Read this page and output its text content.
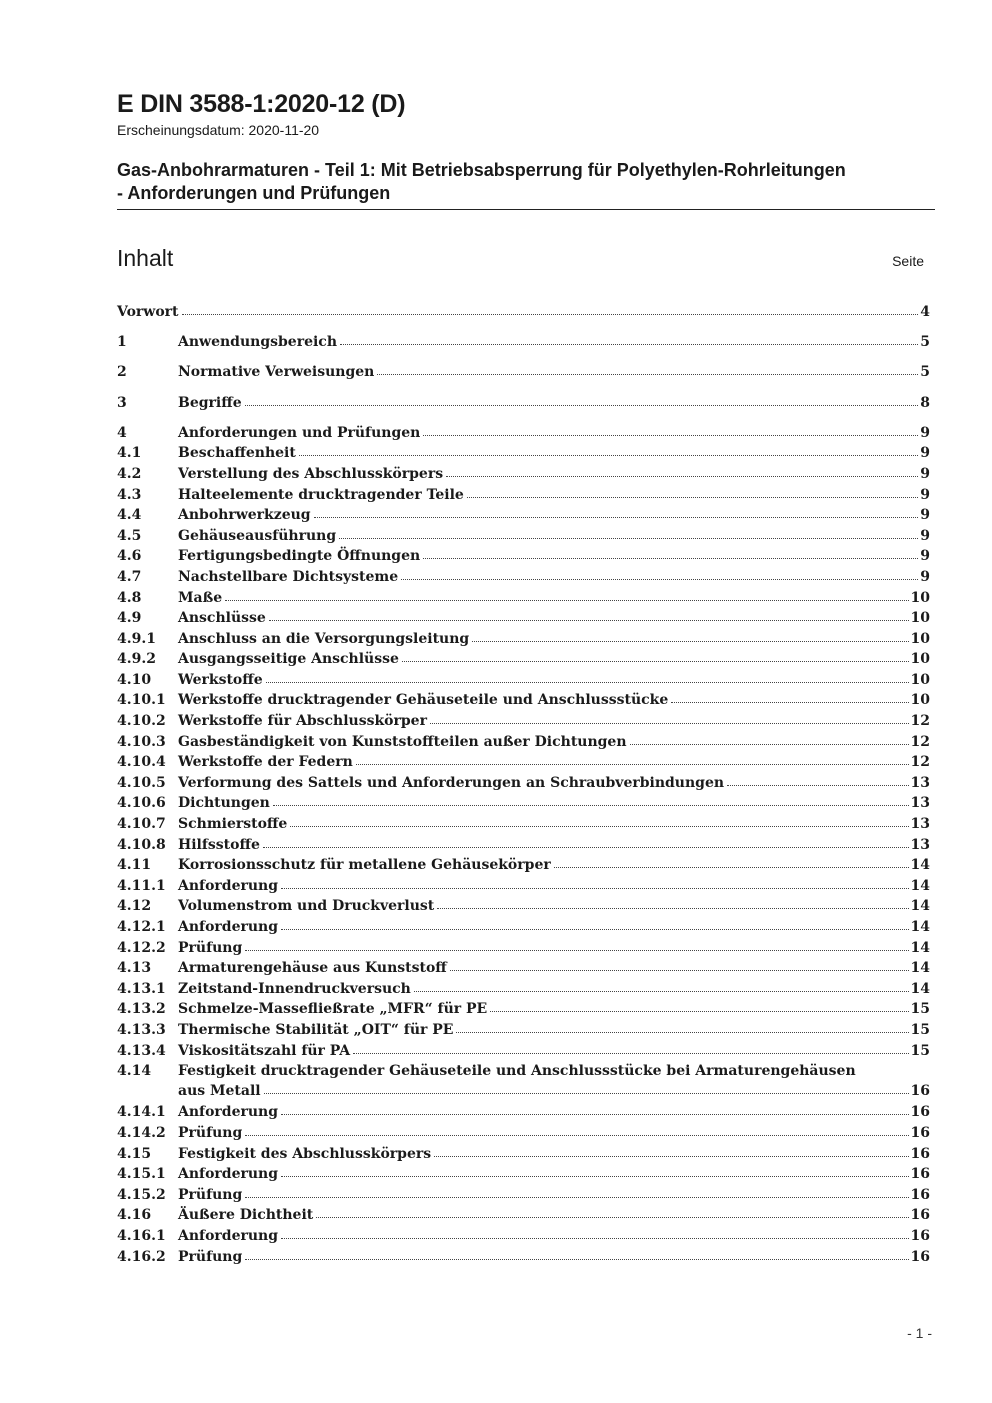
E DIN 3588-1:2020-12 (D)
Erscheinungsdatum: 2020-11-20
Gas-Anbohrarmaturen - Teil 1: Mit Betriebsabsperrung für Polyethylen-Rohrleitungen
- Anforderungen und Prüfungen
Inhalt	Seite
Vorwort	4
1	Anwendungsbereich	5
2	Normative Verweisungen	5
3	Begriffe	8
4	Anforderungen und Prüfungen	9
4.1	Beschaffenheit	9
4.2	Verstellung des Abschlusskörpers	9
4.3	Halteelemente drucktragender Teile	9
4.4	Anbohrwerkzeug	9
4.5	Gehäuseausführung	9
4.6	Fertigungsbedingte Öffnungen	9
4.7	Nachstellbare Dichtsysteme	9
4.8	Maße	10
4.9	Anschlüsse	10
4.9.1 Anschluss an die Versorgungsleitung	10
4.9.2 Ausgangsseitige Anschlüsse	10
4.10 Werkstoffe	10
4.10.1 Werkstoffe drucktragender Gehäuseteile und Anschlussstücke	10
4.10.2 Werkstoffe für Abschlusskörper	12
4.10.3 Gasbeständigkeit von Kunststoffteilen außer Dichtungen	12
4.10.4 Werkstoffe der Federn	12
4.10.5 Verformung des Sattels und Anforderungen an Schraubverbindungen	13
4.10.6 Dichtungen	13
4.10.7 Schmierstoffe	13
4.10.8 Hilfsstoffe	13
4.11 Korrosionsschutz für metallene Gehäusekörper	14
4.11.1 Anforderung	14
4.12 Volumenstrom und Druckverlust	14
4.12.1 Anforderung	14
4.12.2 Prüfung	14
4.13 Armaturengehäuse aus Kunststoff	14
4.13.1 Zeitstand-Innendruckversuch	14
4.13.2 Schmelze-Massefließrate „MFR“ für PE	15
4.13.3 Thermische Stabilität „OIT“ für PE	15
4.13.4 Viskositätszahl für PA	15
4.14 Festigkeit drucktragender Gehäuseteile und Anschlussstücke bei Armaturengehäusen
aus Metall	16
4.14.1 Anforderung	16
4.14.2 Prüfung	16
4.15 Festigkeit des Abschlusskörpers	16
4.15.1 Anforderung	16
4.15.2 Prüfung	16
4.16 Äußere Dichtheit	16
4.16.1 Anforderung	16
4.16.2 Prüfung	16
- 1 -
